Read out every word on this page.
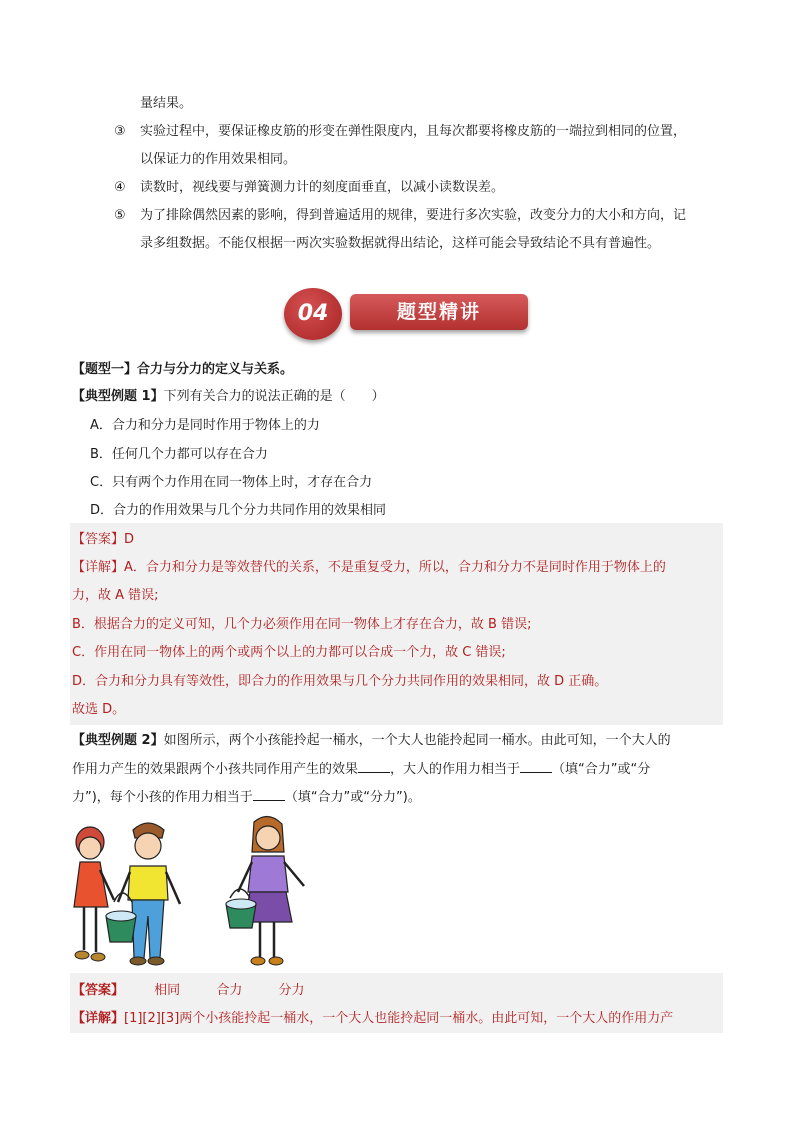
量结果。
③	实验过程中，要保证橡皮筋的形变在弹性限度内，且每次都要将橡皮筋的一端拉到相同的位置，
以保证力的作用效果相同。
④	读数时，视线要与弹簧测力计的刻度面垂直，以减小读数误差。
⑤	为了排除偶然因素的影响，得到普遍适用的规律，要进行多次实验，改变分力的大小和方向，记
录多组数据。不能仅根据一两次实验数据就得出结论，这样可能会导致结论不具有普遍性。
题型精讲
04
【题型一】合力与分力的定义与关系。
【典型例题 1】下列有关合力的说法正确的是（　　）
A．合力和分力是同时作用于物体上的力
B．任何几个力都可以存在合力
C．只有两个力作用在同一物体上时，才存在合力
D．合力的作用效果与几个分力共同作用的效果相同
【答案】D
【详解】A．合力和分力是等效替代的关系，不是重复受力，所以，合力和分力不是同时作用于物体上的
力，故 A 错误;
B．根据合力的定义可知，几个力必须作用在同一物体上才存在合力，故 B 错误;
C．作用在同一物体上的两个或两个以上的力都可以合成一个力，故 C 错误;
D．合力和分力具有等效性，即合力的作用效果与几个分力共同作用的效果相同，故 D 正确。
故选 D。
【典型例题 2】如图所示，两个小孩能拎起一桶水，一个大人也能拎起同一桶水。由此可知，一个大人的
作用力产生的效果跟两个小孩共同作用产生的效果 ，大人的作用力相当于 （填“合力”或“分
力”)，每个小孩的作用力相当于 （填“合力”或“分力”)。
【答案】 相同	合力	分力
【详解】[1][2][3]两个小孩能拎起一桶水，一个大人也能拎起同一桶水。由此可知，一个大人的作用力产
